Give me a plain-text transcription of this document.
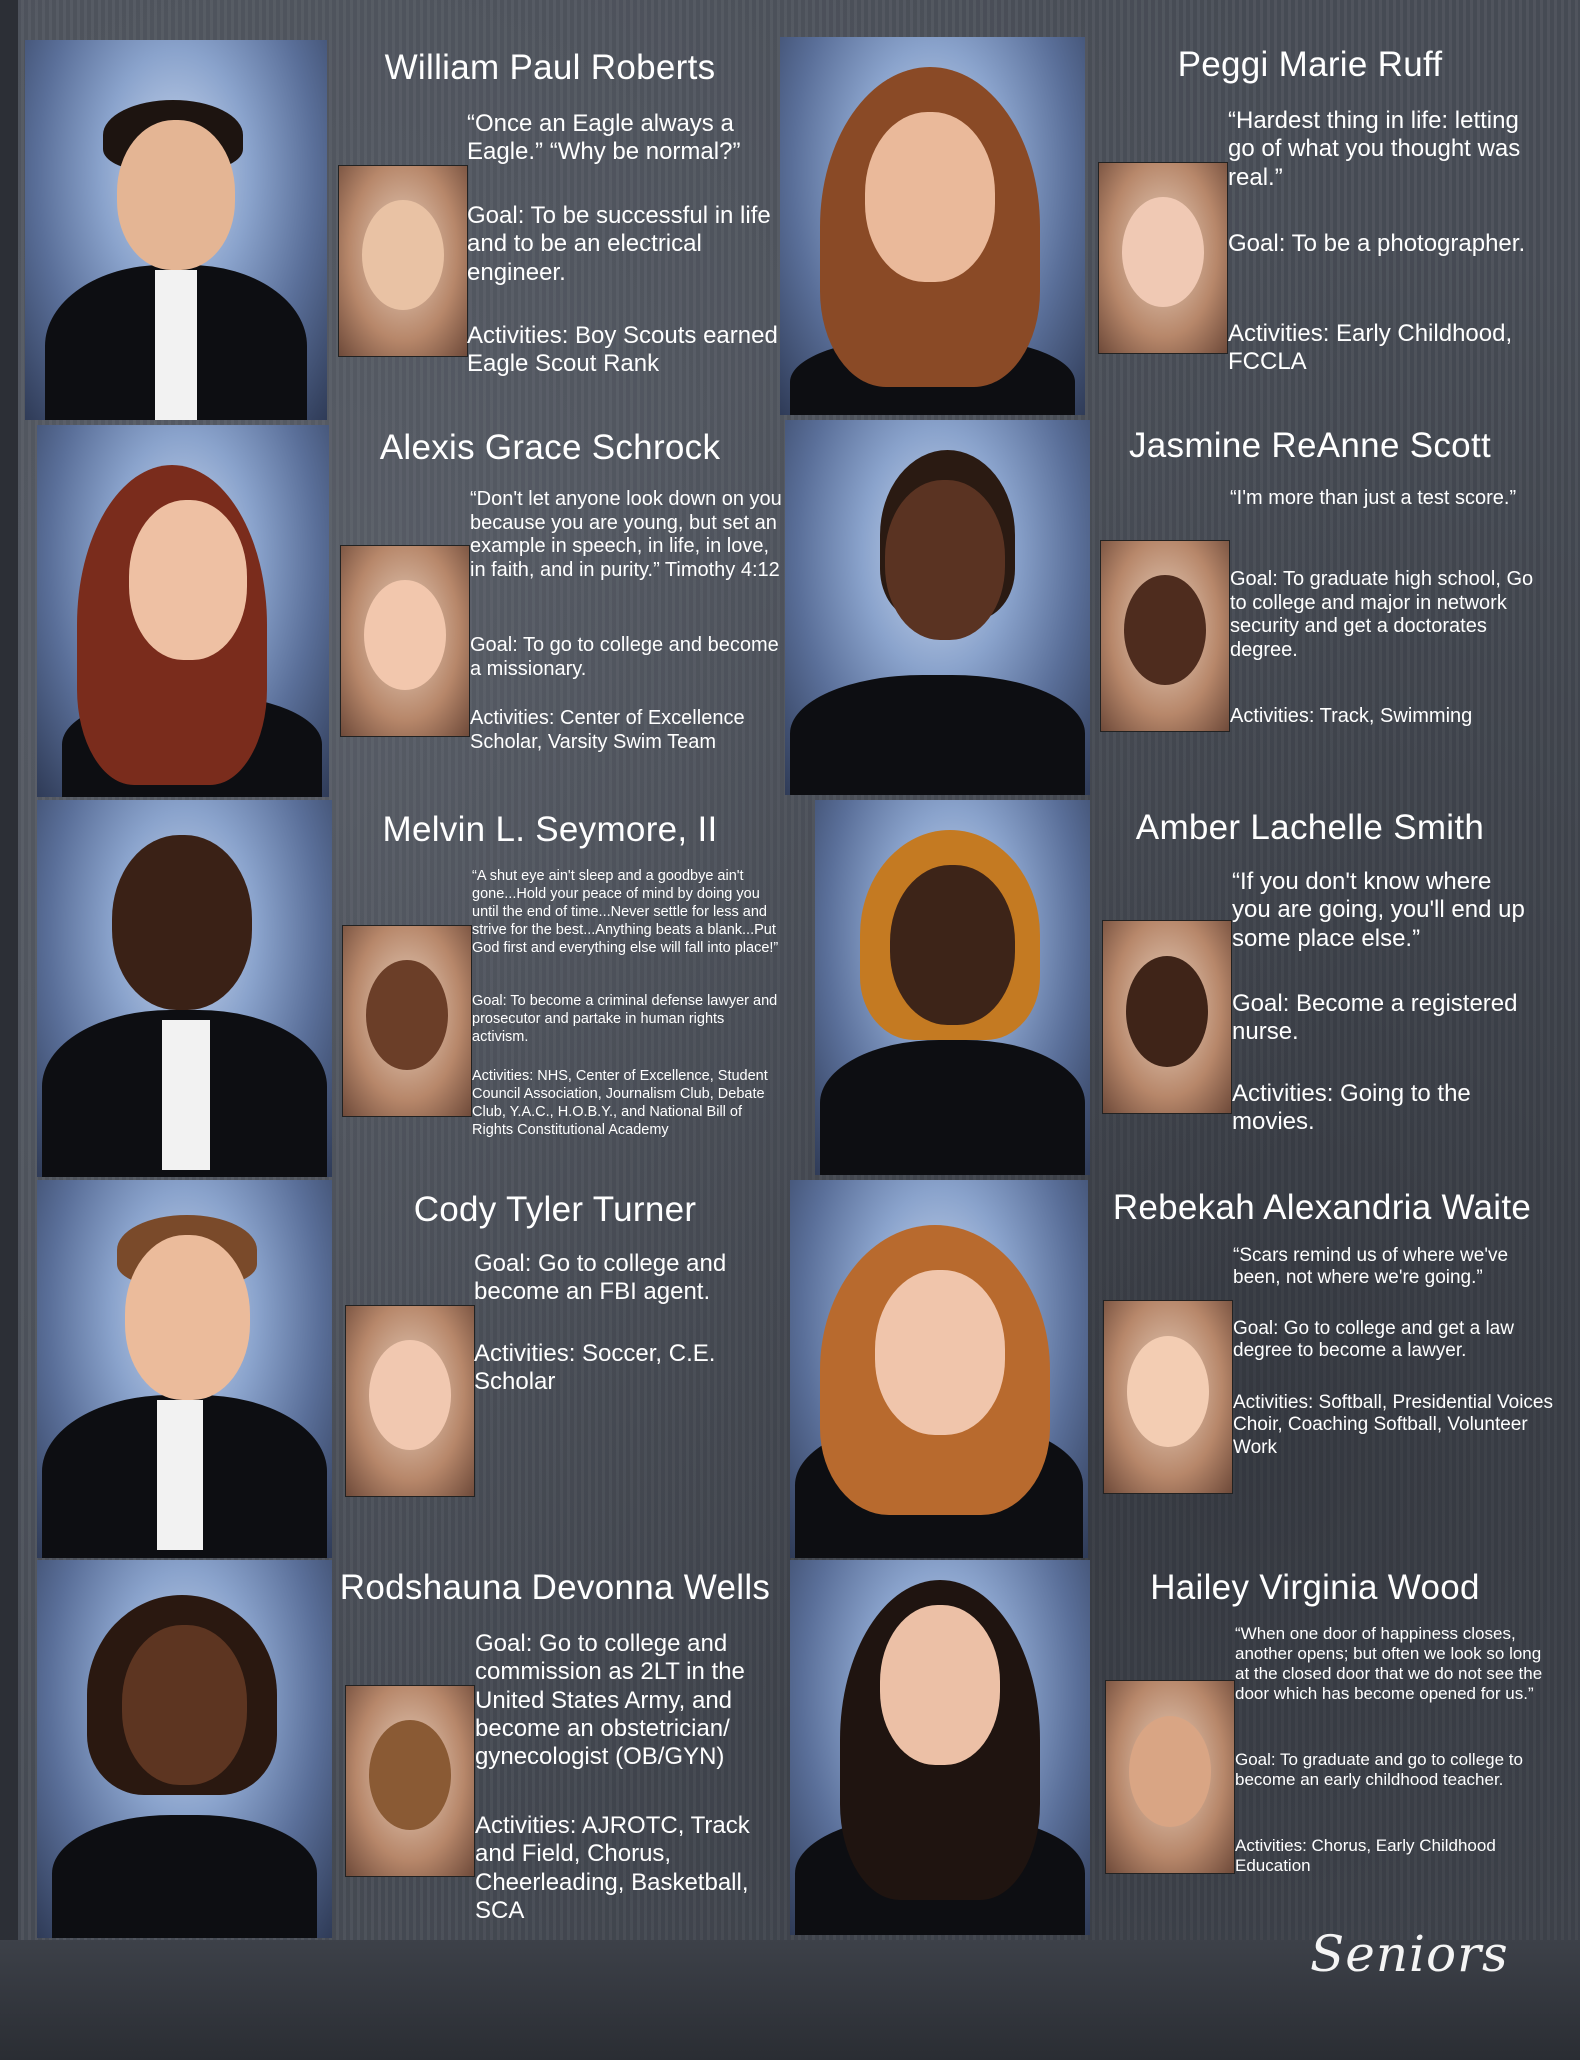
William Paul Roberts
“Once an Eagle always a Eagle.” “Why be normal?”
Goal: To be successful in life and to be an electrical engineer.
Activities: Boy Scouts earned Eagle Scout Rank
Peggi Marie Ruff
“Hardest thing in life: letting go of what you thought was real.”
Goal: To be a photographer.
Activities: Early Childhood, FCCLA
Alexis Grace Schrock
“Don't let anyone look down on you because you are young, but set an example in speech, in life, in love, in faith, and in purity.” Timothy 4:12
Goal: To go to college and become a missionary.
Activities: Center of Excellence Scholar, Varsity Swim Team
Jasmine ReAnne Scott
“I'm more than just a test score.”
Goal: To graduate high school, Go to college and major in network security and get a doctorates degree.
Activities: Track, Swimming
Melvin L. Seymore, II
“A shut eye ain't sleep and a goodbye ain't gone...Hold your peace of mind by doing you until the end of time...Never settle for less and strive for the best...Anything beats a blank...Put God first and everything else will fall into place!”
Goal: To become a criminal defense lawyer and prosecutor and partake in human rights activism.
Activities: NHS, Center of Excellence, Student Council Association, Journalism Club, Debate Club, Y.A.C., H.O.B.Y., and National Bill of Rights Constitutional Academy
Amber Lachelle Smith
“If you don't know where you are going, you'll end up some place else.”
Goal: Become a registered nurse.
Activities: Going to the movies.
Cody Tyler Turner
Goal: Go to college and become an FBI agent.
Activities: Soccer, C.E. Scholar
Rebekah Alexandria Waite
“Scars remind us of where we've been, not where we're going.”
Goal: Go to college and get a law degree to become a lawyer.
Activities: Softball, Presidential Voices Choir, Coaching Softball, Volunteer Work
Rodshauna Devonna Wells
Goal: Go to college and commission as 2LT in the United States Army, and become an obstetrician/ gynecologist (OB/GYN)
Activities: AJROTC, Track and Field, Chorus, Cheerleading, Basketball, SCA
Hailey Virginia Wood
“When one door of happiness closes, another opens; but often we look so long at the closed door that we do not see the door which has become opened for us.”
Goal: To graduate and go to college to become an early childhood teacher.
Activities: Chorus, Early Childhood Education
Seniors
